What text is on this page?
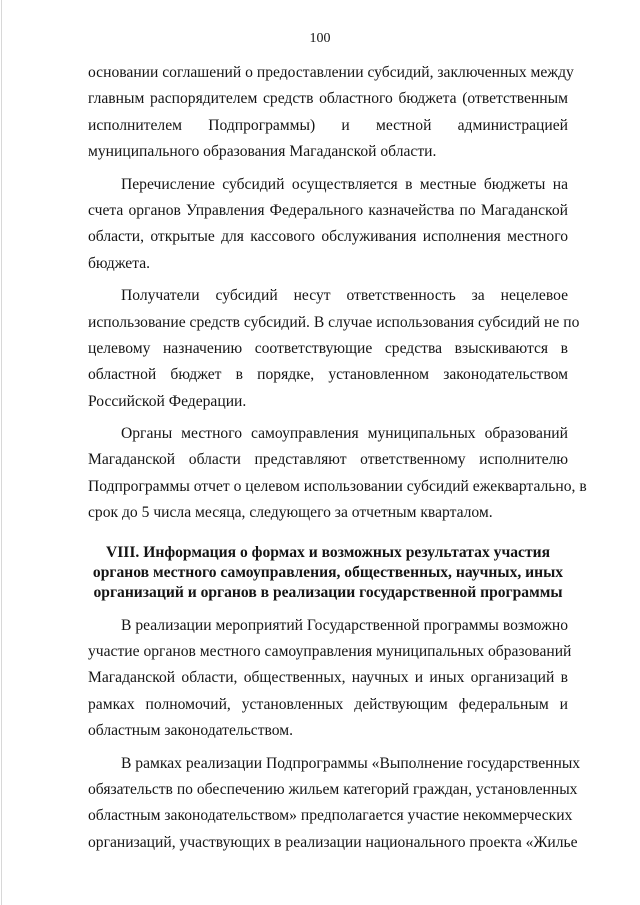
100
основании соглашений о предоставлении субсидий, заключенных между
главным распорядителем средств областного бюджета (ответственным
исполнителем Подпрограммы) и местной администрацией
муниципального образования Магаданской области.
Перечисление субсидий осуществляется в местные бюджеты на
счета органов Управления Федерального казначейства по Магаданской
области, открытые для кассового обслуживания исполнения местного
бюджета.
Получатели субсидий несут ответственность за нецелевое
использование средств субсидий. В случае использования субсидий не по
целевому назначению соответствующие средства взыскиваются в
областной бюджет в порядке, установленном законодательством
Российской Федерации.
Органы местного самоуправления муниципальных образований
Магаданской области представляют ответственному исполнителю
Подпрограммы отчет о целевом использовании субсидий ежеквартально, в
срок до 5 числа месяца, следующего за отчетным кварталом.
VIII. Информация о формах и возможных результатах участия
органов местного самоуправления, общественных, научных, иных
организаций и органов в реализации государственной программы
В реализации мероприятий Государственной программы возможно
участие органов местного самоуправления муниципальных образований
Магаданской области, общественных, научных и иных организаций в
рамках полномочий, установленных действующим федеральным и
областным законодательством.
В рамках реализации Подпрограммы «Выполнение государственных
обязательств по обеспечению жильем категорий граждан, установленных
областным законодательством» предполагается участие некоммерческих
организаций, участвующих в реализации национального проекта «Жилье
